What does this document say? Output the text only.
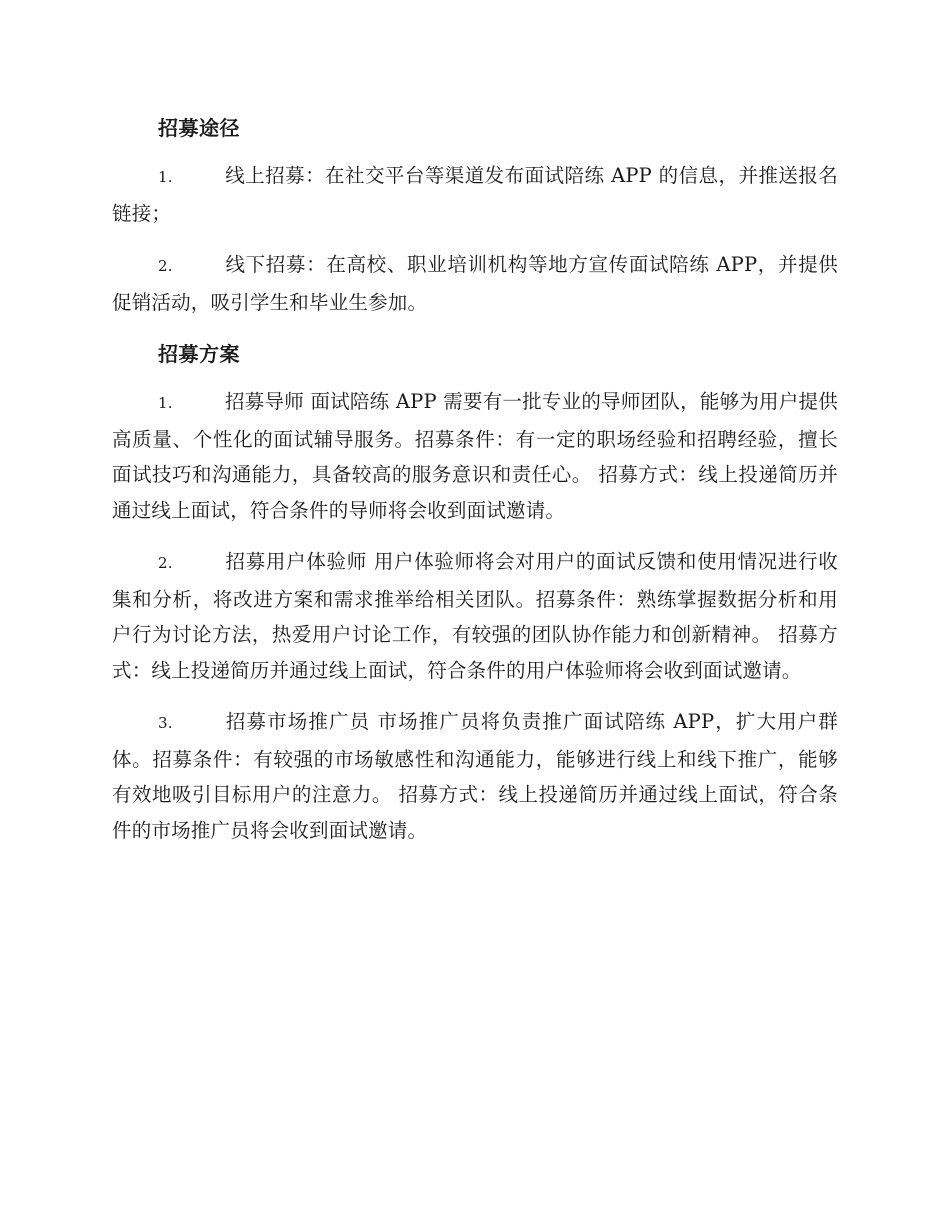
招募途径

1.	线上招募：在社交平台等渠道发布面试陪练 APP 的信息，并推送报名链接；

2.	线下招募：在高校、职业培训机构等地方宣传面试陪练 APP，并提供促销活动，吸引学生和毕业生参加。

招募方案

1.	招募导师 面试陪练 APP 需要有一批专业的导师团队，能够为用户提供高质量、个性化的面试辅导服务。招募条件：有一定的职场经验和招聘经验，擅长面试技巧和沟通能力，具备较高的服务意识和责任心。 招募方式：线上投递简历并通过线上面试，符合条件的导师将会收到面试邀请。

2.	招募用户体验师 用户体验师将会对用户的面试反馈和使用情况进行收集和分析，将改进方案和需求推举给相关团队。招募条件：熟练掌握数据分析和用户行为讨论方法，热爱用户讨论工作，有较强的团队协作能力和创新精神。 招募方式：线上投递简历并通过线上面试，符合条件的用户体验师将会收到面试邀请。

3.	招募市场推广员 市场推广员将负责推广面试陪练 APP，扩大用户群体。招募条件：有较强的市场敏感性和沟通能力，能够进行线上和线下推广，能够有效地吸引目标用户的注意力。 招募方式：线上投递简历并通过线上面试，符合条件的市场推广员将会收到面试邀请。
